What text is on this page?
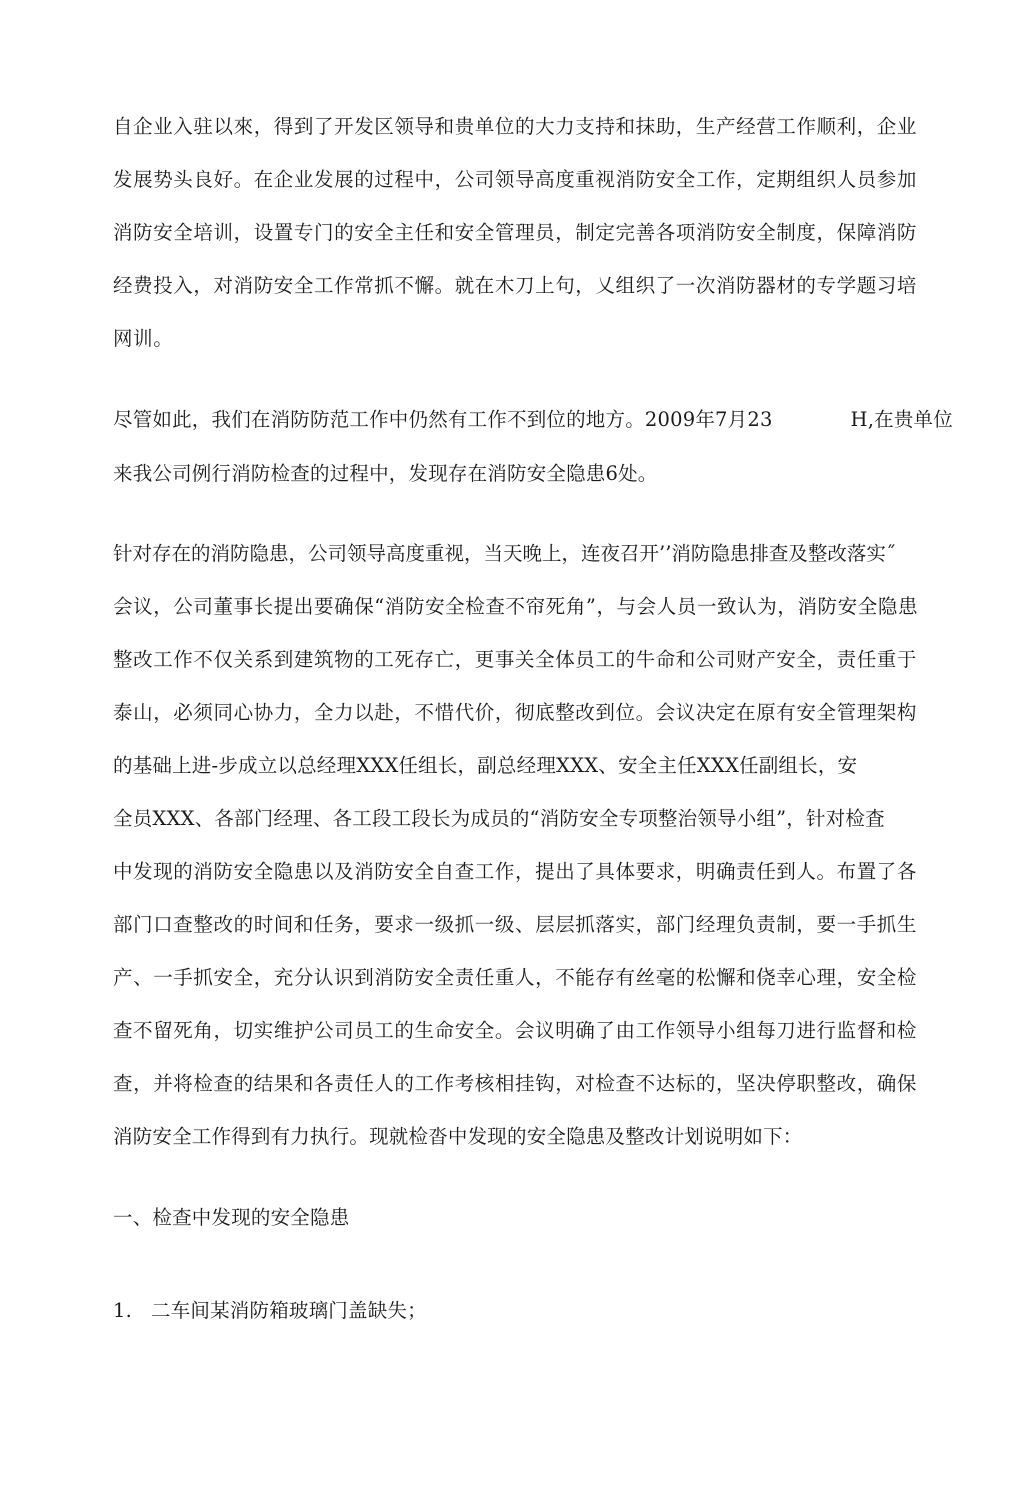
自企业入驻以來，得到了开发区领导和贵单位的大力支持和抹助，生产经营工作顺利，企业
发展势头良好。在企业发展的过程中，公司领导高度重视消防安全工作，定期组织人员参加
消防安全培训，设置专门的安全主任和安全管理员，制定完善各项消防安全制度，保障消防
经费投入，对消防安全工作常抓不懈。就在木刀上句，乂组织了一次消防器材的专学题习培
网训。
尽管如此，我们在消防防范工作中仍然有工作不到位的地方。2009年7月23	H,在贵单位
来我公司例行消防检查的过程中，发现存在消防安全隐患6处。
针对存在的消防隐患，公司领导高度重视，当天晚上，连夜召开’’消防隐患排查及整改落实˝
会议，公司董事长提出要确保“消防安全检查不帘死角”，与会人员一致认为，消防安全隐患
整改工作不仅关系到建筑物的工死存亡，更事关全体员工的牛命和公司财产安全，责任重于
泰山，必须同心协力，全力以赴，不惜代价，彻底整改到位。会议决定在原有安全管理架构
的基础上进-步成立以总经理XXX任组长，副总经理XXX、安全主任XXX任副组长，安
全员XXX、各部门经理、各工段工段长为成员的“消防安全专项整治领导小组”，针对检査
中发现的消防安全隐患以及消防安全自查工作，提出了具体要求，明确责任到人。布置了各
部门口查整改的时间和任务，要求一级抓一级、层层抓落实，部门经理负责制，要一手抓生
产、一手抓安全，充分认识到消防安全责任重人，不能存有丝毫的松懈和侥幸心理，安全检
查不留死角，切实维护公司员工的生命安全。会议明确了由工作领导小组每刀进行监督和检
查，并将检查的结果和各责任人的工作考核相挂钩，对检查不达标的，坚决停职整改，确保
消防安全工作得到有力执行。现就检沓中发现的安全隐患及整改计划说明如下：
一、检查中发现的安全隐患
1. 二车间某消防箱玻璃门盖缺失；
